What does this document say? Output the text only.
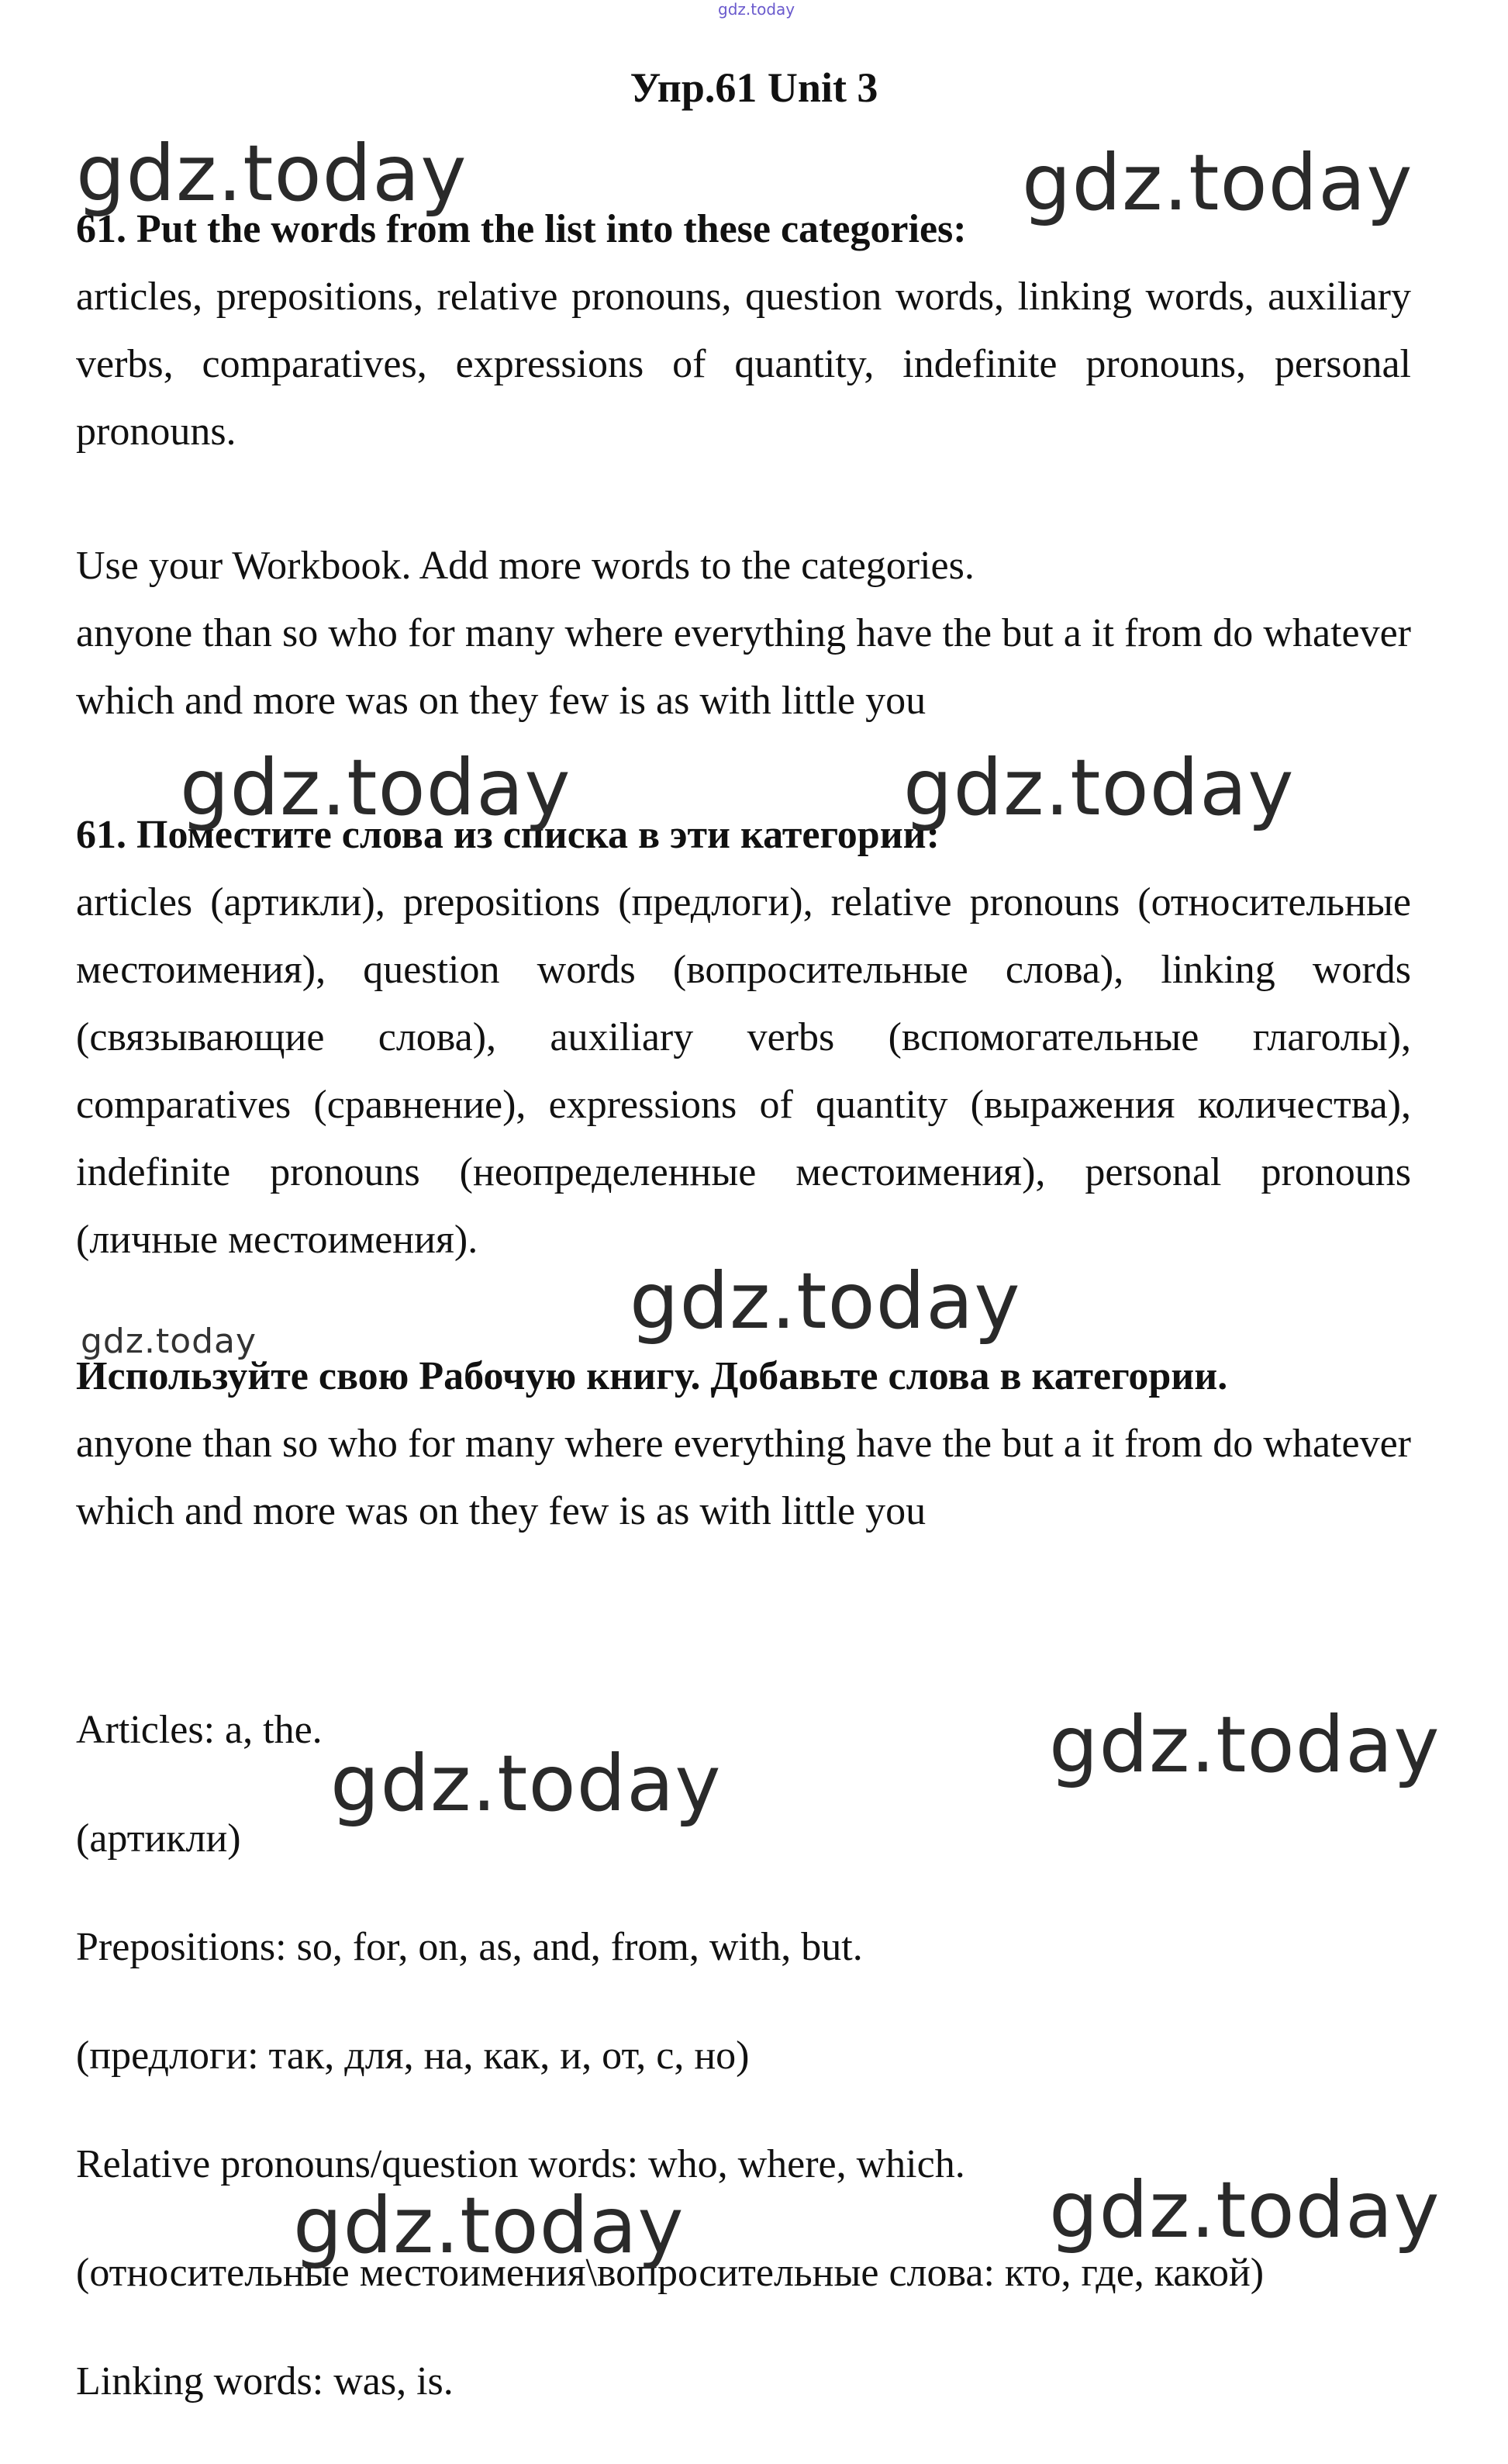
gdz.today
Упр.61 Unit 3
61. Put the words from the list into these categories:
articles, prepositions, relative pronouns, question words, linking words, auxiliary verbs, comparatives, expressions of quantity, indefinite pronouns, personal pronouns.
Use your Workbook. Add more words to the categories.
anyone than so who for many where everything have the but a it from do whatever which and more was on they few is as with little you
61. Поместите слова из списка в эти категории:
articles (артикли), prepositions (предлоги), relative pronouns (относительные местоимения), question words (вопросительные слова), linking words (связывающие слова), auxiliary verbs (вспомогательные глаголы), comparatives (сравнение), expressions of quantity (выражения количества), indefinite pronouns (неопределенные местоимения), personal pronouns (личные местоимения).
Используйте свою Рабочую книгу. Добавьте слова в категории.
anyone than so who for many where everything have the but a it from do whatever which and more was on they few is as with little you
Articles: a, the.
(артикли)
Prepositions: so, for, on, as, and, from, with, but.
(предлоги: так, для, на, как, и, от, с, но)
Relative pronouns/question words: who, where, which.
(относительные местоимения\вопросительные слова: кто, где, какой)
Linking words: was, is.
gdz.today	gdz.today
gdz.today	gdz.today
gdz.today
gdz.today
gdz.today
gdz.today
gdz.today	gdz.today
